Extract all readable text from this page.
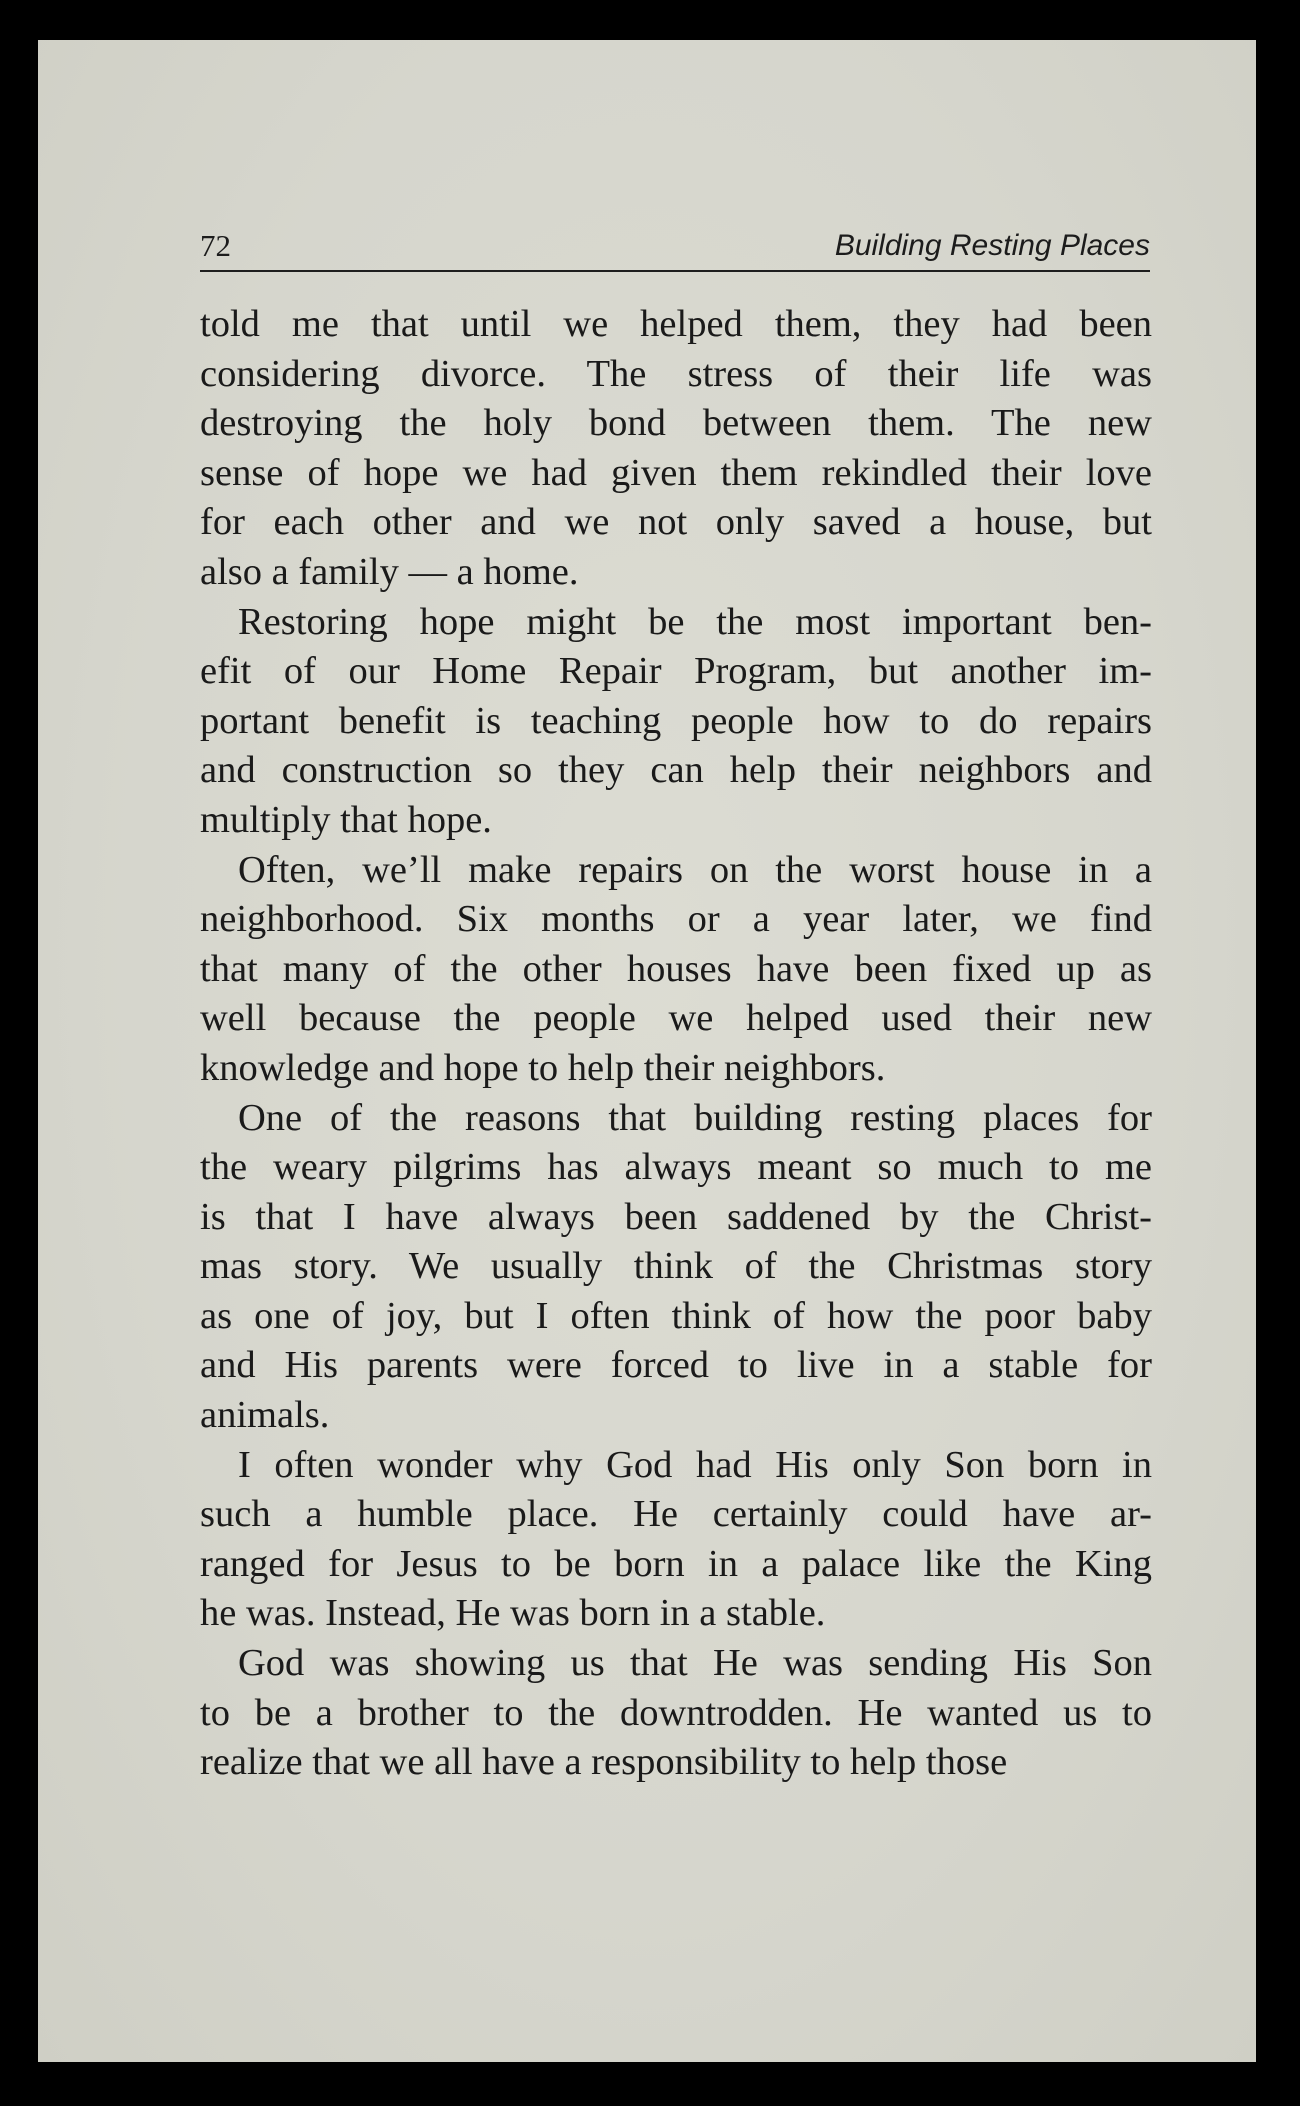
72	Building Resting Places
told me that until we helped them, they had been
considering divorce. The stress of their life was
destroying the holy bond between them. The new
sense of hope we had given them rekindled their love
for each other and we not only saved a house, but
also a family — a home.
Restoring hope might be the most important ben-
efit of our Home Repair Program, but another im-
portant benefit is teaching people how to do repairs
and construction so they can help their neighbors and
multiply that hope.
Often, we’ll make repairs on the worst house in a
neighborhood. Six months or a year later, we find
that many of the other houses have been fixed up as
well because the people we helped used their new
knowledge and hope to help their neighbors.
One of the reasons that building resting places for
the weary pilgrims has always meant so much to me
is that I have always been saddened by the Christ-
mas story. We usually think of the Christmas story
as one of joy, but I often think of how the poor baby
and His parents were forced to live in a stable for
animals.
I often wonder why God had His only Son born in
such a humble place. He certainly could have ar-
ranged for Jesus to be born in a palace like the King
he was. Instead, He was born in a stable.
God was showing us that He was sending His Son
to be a brother to the downtrodden. He wanted us to
realize that we all have a responsibility to help those
